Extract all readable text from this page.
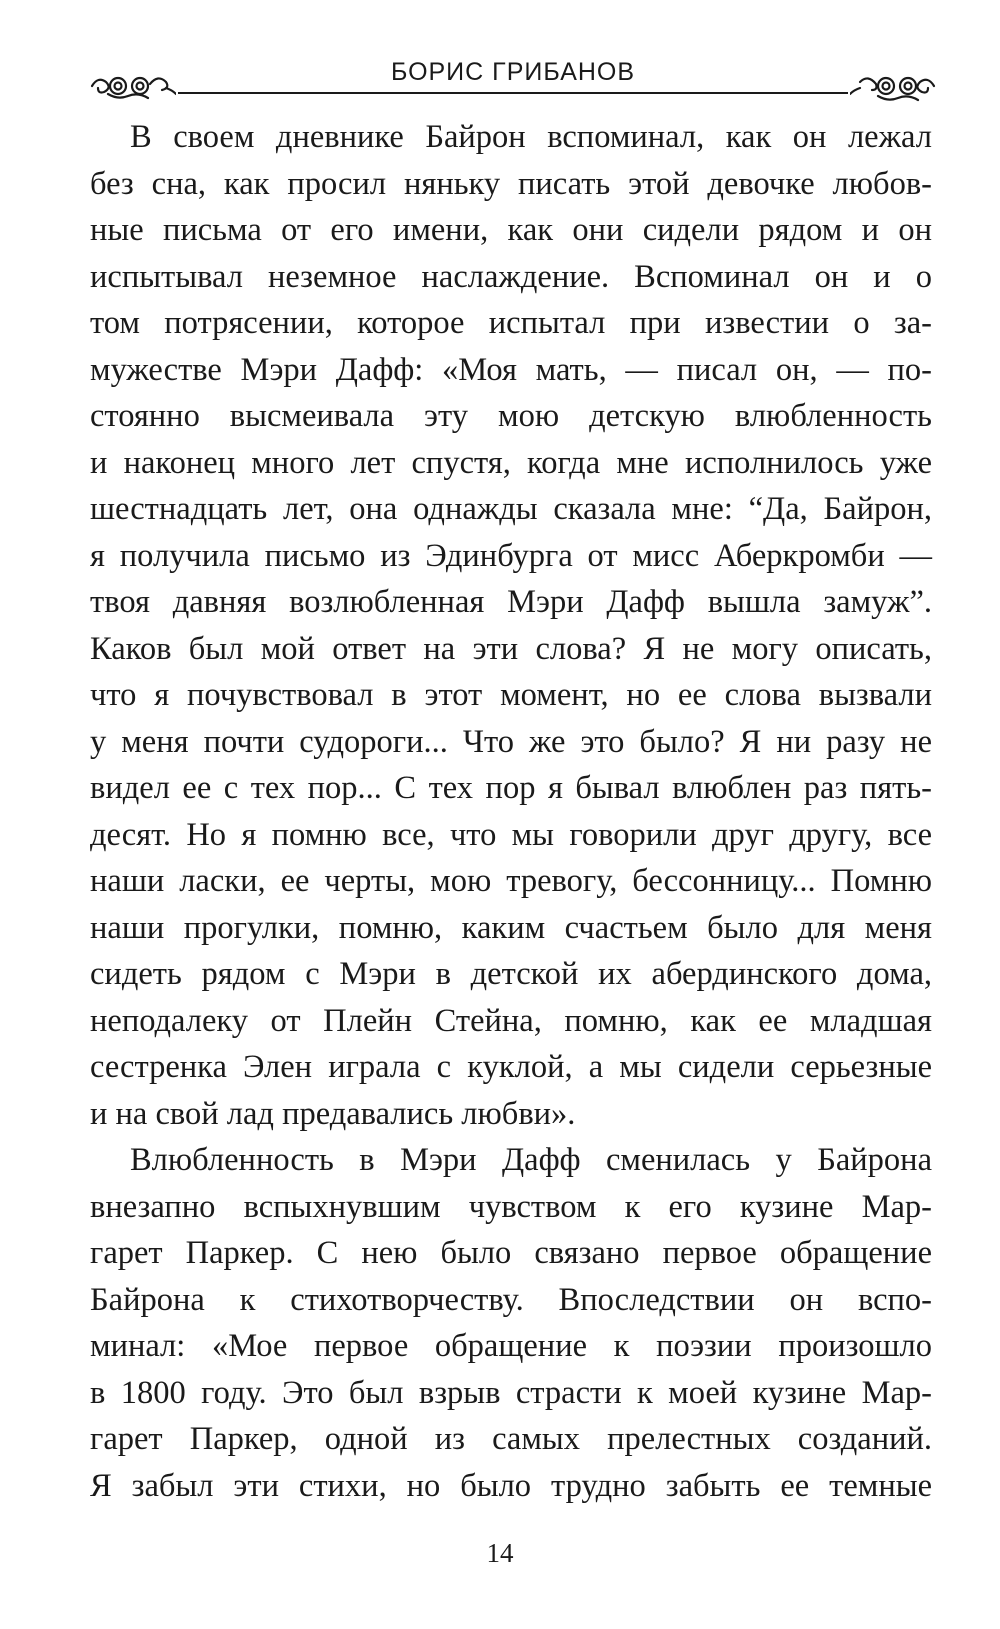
БОРИС ГРИБАНОВ
В своем дневнике Байрон вспоминал, как он лежал
без сна, как просил няньку писать этой девочке любов-
ные письма от его имени, как они сидели рядом и он
испытывал неземное наслаждение. Вспоминал он и о
том потрясении, которое испытал при известии о за-
мужестве Мэри Дафф: «Моя мать, — писал он, — по-
стоянно высмеивала эту мою детскую влюбленность
и наконец много лет спустя, когда мне исполнилось уже
шестнадцать лет, она однажды сказала мне: “Да, Байрон,
я получила письмо из Эдинбурга от мисс Аберкромби —
твоя давняя возлюбленная Мэри Дафф вышла замуж”.
Каков был мой ответ на эти слова? Я не могу описать,
что я почувствовал в этот момент, но ее слова вызвали
у меня почти судороги... Что же это было? Я ни разу не
видел ее с тех пор... С тех пор я бывал влюблен раз пять-
десят. Но я помню все, что мы говорили друг другу, все
наши ласки, ее черты, мою тревогу, бессонницу... Помню
наши прогулки, помню, каким счастьем было для меня
сидеть рядом с Мэри в детской их абердинского дома,
неподалеку от Плейн Стейна, помню, как ее младшая
сестренка Элен играла с куклой, а мы сидели серьезные
и на свой лад предавались любви».
Влюбленность в Мэри Дафф сменилась у Байрона
внезапно вспыхнувшим чувством к его кузине Мар-
гарет Паркер. С нею было связано первое обращение
Байрона к стихотворчеству. Впоследствии он вспо-
минал: «Мое первое обращение к поэзии произошло
в 1800 году. Это был взрыв страсти к моей кузине Мар-
гарет Паркер, одной из самых прелестных созданий.
Я забыл эти стихи, но было трудно забыть ее темные
14
